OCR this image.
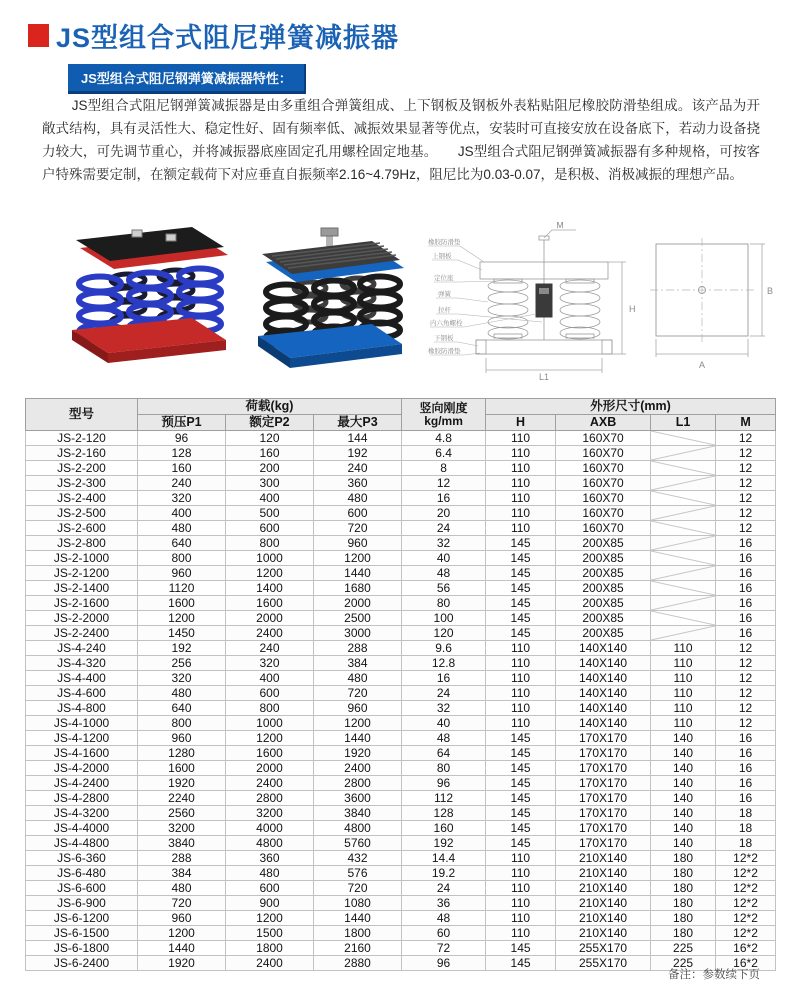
JS型组合式阻尼弹簧减振器
JS型组合式阻尼钢弹簧减振器特性：
JS型组合式阻尼钢弹簧减振器是由多重组合弹簧组成、上下钢板及钢板外表粘贴阻尼橡胶防滑垫组成。该产品为开敞式结构，具有灵活性大、稳定性好、固有频率低、减振效果显著等优点，安装时可直接安放在设备底下，若动力设备挠力较大，可先调节重心，并将减振器底座固定孔用螺栓固定地基。　　JS型组合式阻尼钢弹簧减振器有多种规格，可按客户特殊需要定制，在额定载荷下对应垂直自振频率2.16~4.79Hz，阻尼比为0.03-0.07，是积极、消极减振的理想产品。
M
H
L1
橡胶防滑垫
上钢板
定位座
弹簧
拉杆
内六角螺栓
下钢板
橡胶防滑垫
B
A
型号	荷载(kg)			竖向刚度
kg/mm	外形尺寸(mm)			
	预压P1	额定P2	最大P3		H	AXB	L1	M
JS-2-120	96	120	144	4.8	110	160X70		12
JS-2-160	128	160	192	6.4	110	160X70		12
JS-2-200	160	200	240	8	110	160X70		12
JS-2-300	240	300	360	12	110	160X70		12
JS-2-400	320	400	480	16	110	160X70		12
JS-2-500	400	500	600	20	110	160X70		12
JS-2-600	480	600	720	24	110	160X70		12
JS-2-800	640	800	960	32	145	200X85		16
JS-2-1000	800	1000	1200	40	145	200X85		16
JS-2-1200	960	1200	1440	48	145	200X85		16
JS-2-1400	1120	1400	1680	56	145	200X85		16
JS-2-1600	1600	1600	2000	80	145	200X85		16
JS-2-2000	1200	2000	2500	100	145	200X85		16
JS-2-2400	1450	2400	3000	120	145	200X85		16
JS-4-240	192	240	288	9.6	110	140X140	110	12
JS-4-320	256	320	384	12.8	110	140X140	110	12
JS-4-400	320	400	480	16	110	140X140	110	12
JS-4-600	480	600	720	24	110	140X140	110	12
JS-4-800	640	800	960	32	110	140X140	110	12
JS-4-1000	800	1000	1200	40	110	140X140	110	12
JS-4-1200	960	1200	1440	48	145	170X170	140	16
JS-4-1600	1280	1600	1920	64	145	170X170	140	16
JS-4-2000	1600	2000	2400	80	145	170X170	140	16
JS-4-2400	1920	2400	2800	96	145	170X170	140	16
JS-4-2800	2240	2800	3600	112	145	170X170	140	16
JS-4-3200	2560	3200	3840	128	145	170X170	140	18
JS-4-4000	3200	4000	4800	160	145	170X170	140	18
JS-4-4800	3840	4800	5760	192	145	170X170	140	18
JS-6-360	288	360	432	14.4	110	210X140	180	12*2
JS-6-480	384	480	576	19.2	110	210X140	180	12*2
JS-6-600	480	600	720	24	110	210X140	180	12*2
JS-6-900	720	900	1080	36	110	210X140	180	12*2
JS-6-1200	960	1200	1440	48	110	210X140	180	12*2
JS-6-1500	1200	1500	1800	60	110	210X140	180	12*2
JS-6-1800	1440	1800	2160	72	145	255X170	225	16*2
JS-6-2400	1920	2400	2880	96	145	255X170	225	16*2
备注：参数续下页
